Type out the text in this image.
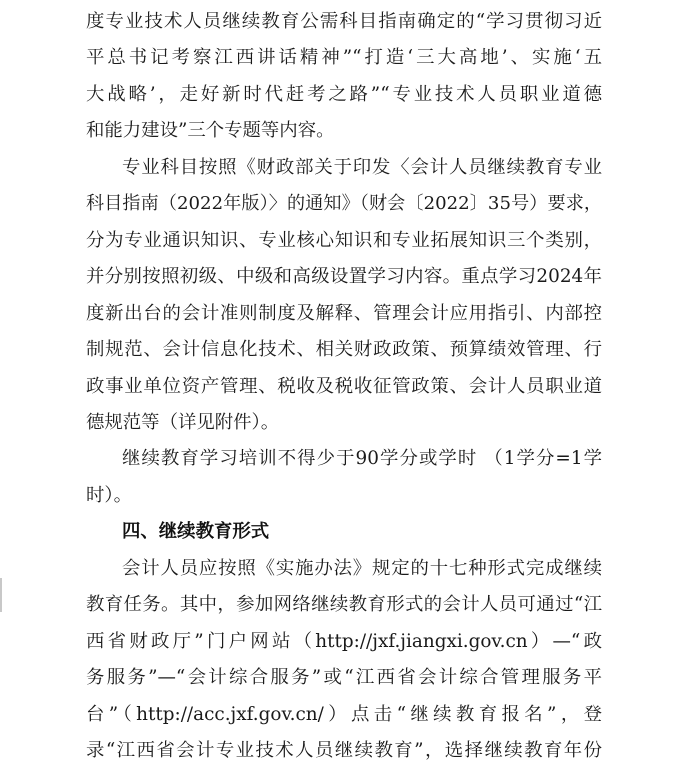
度专业技术人员继续教育公需科目指南确定的“学习贯彻习近
平总书记考察江西讲话精神”“打造‘三大高地’、实施‘五
大战略’，走好新时代赶考之路”“专业技术人员职业道德
和能力建设”三个专题等内容。
专业科目按照《财政部关于印发〈会计人员继续教育专业
科目指南（2022年版）〉的通知》（财会〔2022〕35号）要求，
分为专业通识知识、专业核心知识和专业拓展知识三个类别，
并分别按照初级、中级和高级设置学习内容。重点学习2024年
度新出台的会计准则制度及解释、管理会计应用指引、内部控
制规范、会计信息化技术、相关财政政策、预算绩效管理、行
政事业单位资产管理、税收及税收征管政策、会计人员职业道
德规范等（详见附件）。
继续教育学习培训不得少于90学分或学时 （1学分=1学
时）。
四、继续教育形式
会计人员应按照《实施办法》规定的十七种形式完成继续
教育任务。其中，参加网络继续教育形式的会计人员可通过“江
西省财政厅”门户网站（http://jxf.jiangxi.gov.cn）—“政
务服务”—“会计综合服务”或“江西省会计综合管理服务平
台”（http://acc.jxf.gov.cn/）点击“继续教育报名”，登
录“江西省会计专业技术人员继续教育”，选择继续教育年份
